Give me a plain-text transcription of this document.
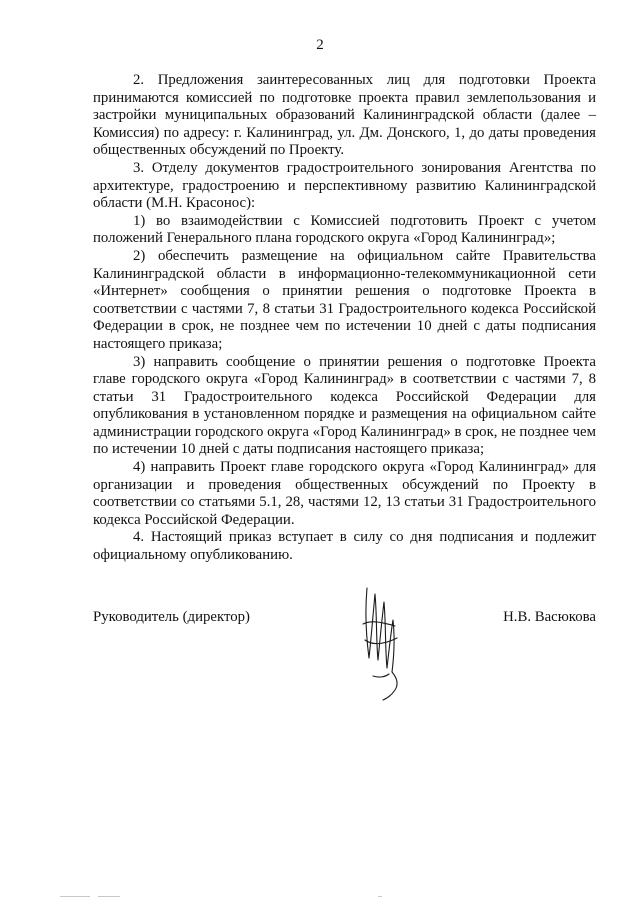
2

2. Предложения заинтересованных лиц для подготовки Проекта принимаются комиссией по подготовке проекта правил землепользования и застройки муниципальных образований Калининградской области (далее – Комиссия) по адресу: г. Калининград, ул. Дм. Донского, 1, до даты проведения общественных обсуждений по Проекту.

3. Отделу документов градостроительного зонирования Агентства по архитектуре, градостроению и перспективному развитию Калининградской области (М.Н. Красонос):

1) во взаимодействии с Комиссией подготовить Проект с учетом положений Генерального плана городского округа «Город Калининград»;

2) обеспечить размещение на официальном сайте Правительства Калининградской области в информационно-телекоммуникационной сети «Интернет» сообщения о принятии решения о подготовке Проекта в соответствии с частями 7, 8 статьи 31 Градостроительного кодекса Российской Федерации в срок, не позднее чем по истечении 10 дней с даты подписания настоящего приказа;

3) направить сообщение о принятии решения о подготовке Проекта главе городского округа «Город Калининград» в соответствии с частями 7, 8 статьи 31 Градостроительного кодекса Российской Федерации для опубликования в установленном порядке и размещения на официальном сайте администрации городского округа «Город Калининград» в срок, не позднее чем по истечении 10 дней с даты подписания настоящего приказа;

4) направить Проект главе городского округа «Город Калининград» для организации и проведения общественных обсуждений по Проекту в соответствии со статьями 5.1, 28, частями 12, 13 статьи 31 Градостроительного кодекса Российской Федерации.

4. Настоящий приказ вступает в силу со дня подписания и подлежит официальному опубликованию.

Руководитель (директор)	Н.В. Васюкова
